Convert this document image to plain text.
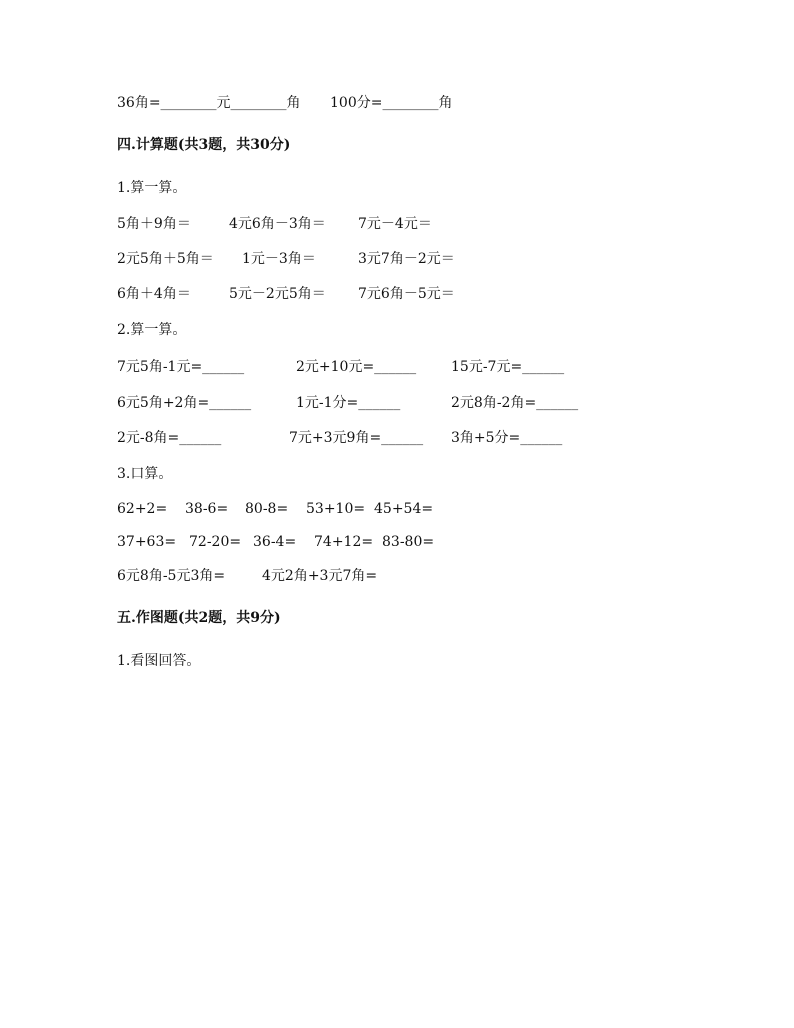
36角=________元________角 100分=________角
四.计算题(共3题，共30分)
1.算一算。
5角＋9角＝	4元6角－3角＝ 7元－4元＝
2元5角＋5角＝ 1元－3角＝	3元7角－2元＝
6角＋4角＝	5元－2元5角＝ 7元6角－5元＝
2.算一算。
7元5角-1元=______	2元+10元=______ 15元-7元=______
6元5角+2角=______	1元-1分=______	2元8角-2角=______
2元-8角=______	7元+3元9角=______ 3角+5分=______
3.口算。
62+2= 38-6= 80-8= 53+10= 45+54=
37+63= 72-20= 36-4= 74+12= 83-80=
6元8角-5元3角=	4元2角+3元7角=
五.作图题(共2题，共9分)
1.看图回答。
